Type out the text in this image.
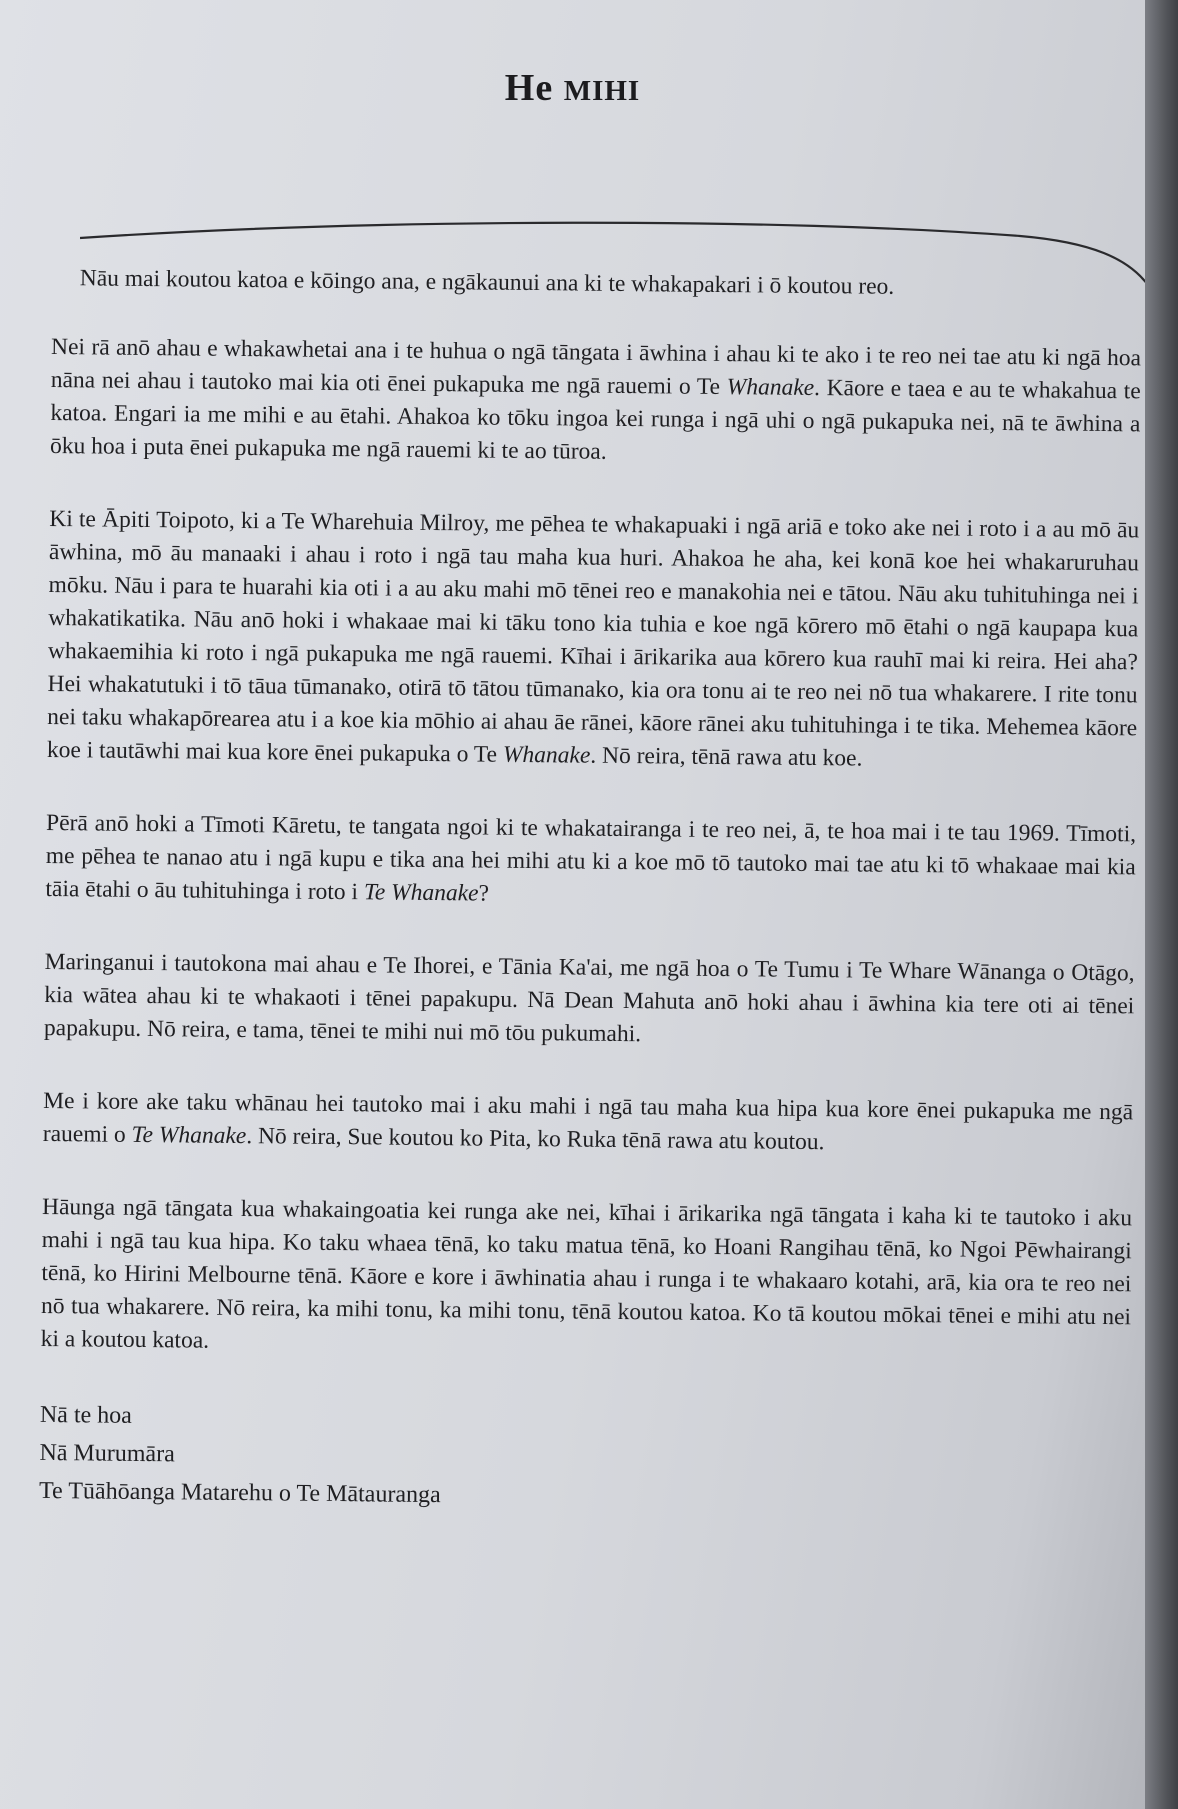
He MIHI

Nāu mai koutou katoa e kōingo ana, e ngākaunui ana ki te whakapakari i ō koutou reo.

Nei rā anō ahau e whakawhetai ana i te huhua o ngā tāngata i āwhina i ahau ki te ako i te reo nei tae atu ki ngā hoa nāna nei ahau i tautoko mai kia oti ēnei pukapuka me ngā rauemi o Te Whanake. Kāore e taea e au te whakahua te katoa. Engari ia me mihi e au ētahi. Ahakoa ko tōku ingoa kei runga i ngā uhi o ngā pukapuka nei, nā te āwhina a ōku hoa i puta ēnei pukapuka me ngā rauemi ki te ao tūroa.

Ki te Āpiti Toipoto, ki a Te Wharehuia Milroy, me pēhea te whakapuaki i ngā ariā e toko ake nei i roto i a au mō āu āwhina, mō āu manaaki i ahau i roto i ngā tau maha kua huri. Ahakoa he aha, kei konā koe hei whakaruruhau mōku. Nāu i para te huarahi kia oti i a au aku mahi mō tēnei reo e manakohia nei e tātou. Nāu aku tuhituhinga nei i whakatikatika. Nāu anō hoki i whakaae mai ki tāku tono kia tuhia e koe ngā kōrero mō ētahi o ngā kaupapa kua whakaemihia ki roto i ngā pukapuka me ngā rauemi. Kīhai i ārikarika aua kōrero kua rauhī mai ki reira. Hei aha? Hei whakatutuki i tō tāua tūmanako, otirā tō tātou tūmanako, kia ora tonu ai te reo nei nō tua whakarere. I rite tonu nei taku whakapōrearea atu i a koe kia mōhio ai ahau āe rānei, kāore rānei aku tuhituhinga i te tika. Mehemea kāore koe i tautāwhi mai kua kore ēnei pukapuka o Te Whanake. Nō reira, tēnā rawa atu koe.

Pērā anō hoki a Tīmoti Kāretu, te tangata ngoi ki te whakatairanga i te reo nei, ā, te hoa mai i te tau 1969. Tīmoti, me pēhea te nanao atu i ngā kupu e tika ana hei mihi atu ki a koe mō tō tautoko mai tae atu ki tō whakaae mai kia tāia ētahi o āu tuhituhinga i roto i Te Whanake?

Maringanui i tautokona mai ahau e Te Ihorei, e Tānia Ka'ai, me ngā hoa o Te Tumu i Te Whare Wānanga o Otāgo, kia wātea ahau ki te whakaoti i tēnei papakupu. Nā Dean Mahuta anō hoki ahau i āwhina kia tere oti ai tēnei papakupu. Nō reira, e tama, tēnei te mihi nui mō tōu pukumahi.

Me i kore ake taku whānau hei tautoko mai i aku mahi i ngā tau maha kua hipa kua kore ēnei pukapuka me ngā rauemi o Te Whanake. Nō reira, Sue koutou ko Pita, ko Ruka tēnā rawa atu koutou.

Hāunga ngā tāngata kua whakaingoatia kei runga ake nei, kīhai i ārikarika ngā tāngata i kaha ki te tautoko i aku mahi i ngā tau kua hipa. Ko taku whaea tēnā, ko taku matua tēnā, ko Hoani Rangihau tēnā, ko Ngoi Pēwhairangi tēnā, ko Hirini Melbourne tēnā. Kāore e kore i āwhinatia ahau i runga i te whakaaro kotahi, arā, kia ora te reo nei nō tua whakarere. Nō reira, ka mihi tonu, ka mihi tonu, tēnā koutou katoa. Ko tā koutou mōkai tēnei e mihi atu nei ki a koutou katoa.

Nā te hoa
Nā Murumāra
Te Tūāhōanga Matarehu o Te Mātauranga
